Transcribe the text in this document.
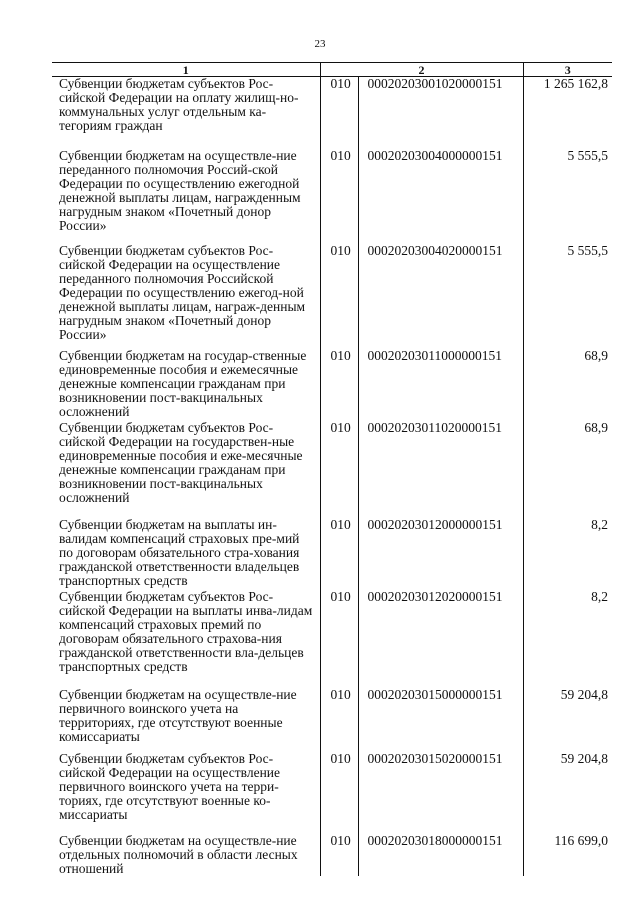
23
1	2		3
Субвенции бюджетам субъектов Рос-сийской Федерации на оплату жилищ-но-коммунальных услуг отдельным ка-тегориям граждан	010	00020203001020000151	1 265 162,8
Субвенции бюджетам на осуществле-ние переданного полномочия Россий-ской Федерации по осуществлению ежегодной денежной выплаты лицам, награжденным нагрудным знаком «Почетный донор России»	010	00020203004000000151	5 555,5
Субвенции бюджетам субъектов Рос-сийской Федерации на осуществление переданного полномочия Российской Федерации по осуществлению ежегод-ной денежной выплаты лицам, награж-денным нагрудным знаком «Почетный донор России»	010	00020203004020000151	5 555,5
Субвенции бюджетам на государ-ственные единовременные пособия и ежемесячные денежные компенсации гражданам при возникновении пост-вакцинальных осложнений	010	00020203011000000151	68,9
Субвенции бюджетам субъектов Рос-сийской Федерации на государствен-ные единовременные пособия и еже-месячные денежные компенсации гражданам при возникновении пост-вакцинальных осложнений	010	00020203011020000151	68,9
Субвенции бюджетам на выплаты ин-валидам компенсаций страховых пре-мий по договорам обязательного стра-хования гражданской ответственности владельцев транспортных средств	010	00020203012000000151	8,2
Субвенции бюджетам субъектов Рос-сийской Федерации на выплаты инва-лидам компенсаций страховых премий по договорам обязательного страхова-ния гражданской ответственности вла-дельцев транспортных средств	010	00020203012020000151	8,2
Субвенции бюджетам на осуществле-ние первичного воинского учета на территориях, где отсутствуют военные комиссариаты	010	00020203015000000151	59 204,8
Субвенции бюджетам субъектов Рос-сийской Федерации на осуществление первичного воинского учета на терри-ториях, где отсутствуют военные ко-миссариаты	010	00020203015020000151	59 204,8
Субвенции бюджетам на осуществле-ние отдельных полномочий в области лесных отношений	010	00020203018000000151	116 699,0
